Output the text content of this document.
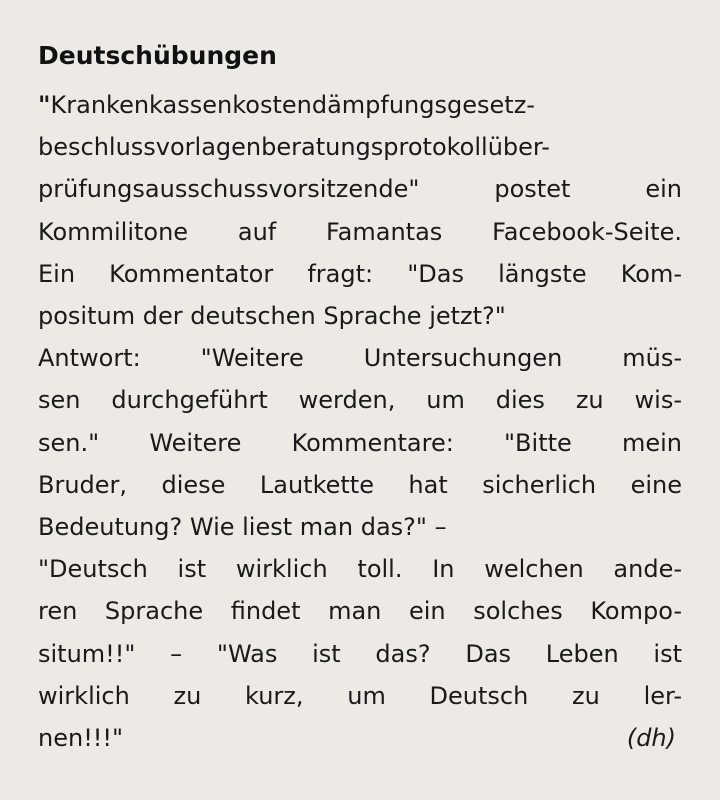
Deutschübungen
"Krankenkassenkostendämpfungsgesetz-
beschlussvorlagenberatungsprotokollüber-
prüfungsausschussvorsitzende" postet ein
Kommilitone auf Famantas Facebook-Seite.
Ein Kommentator fragt: "Das längste Kom-
positum der deutschen Sprache jetzt?"
Antwort: "Weitere Untersuchungen müs-
sen durchgeführt werden, um dies zu wis-
sen." Weitere Kommentare: "Bitte mein
Bruder, diese Lautkette hat sicherlich eine
Bedeutung? Wie liest man das?" –
"Deutsch ist wirklich toll. In welchen ande-
ren Sprache findet man ein solches Kompo-
situm!!" – "Was ist das? Das Leben ist
wirklich zu kurz, um Deutsch zu ler-
nen!!!"	(dh)
